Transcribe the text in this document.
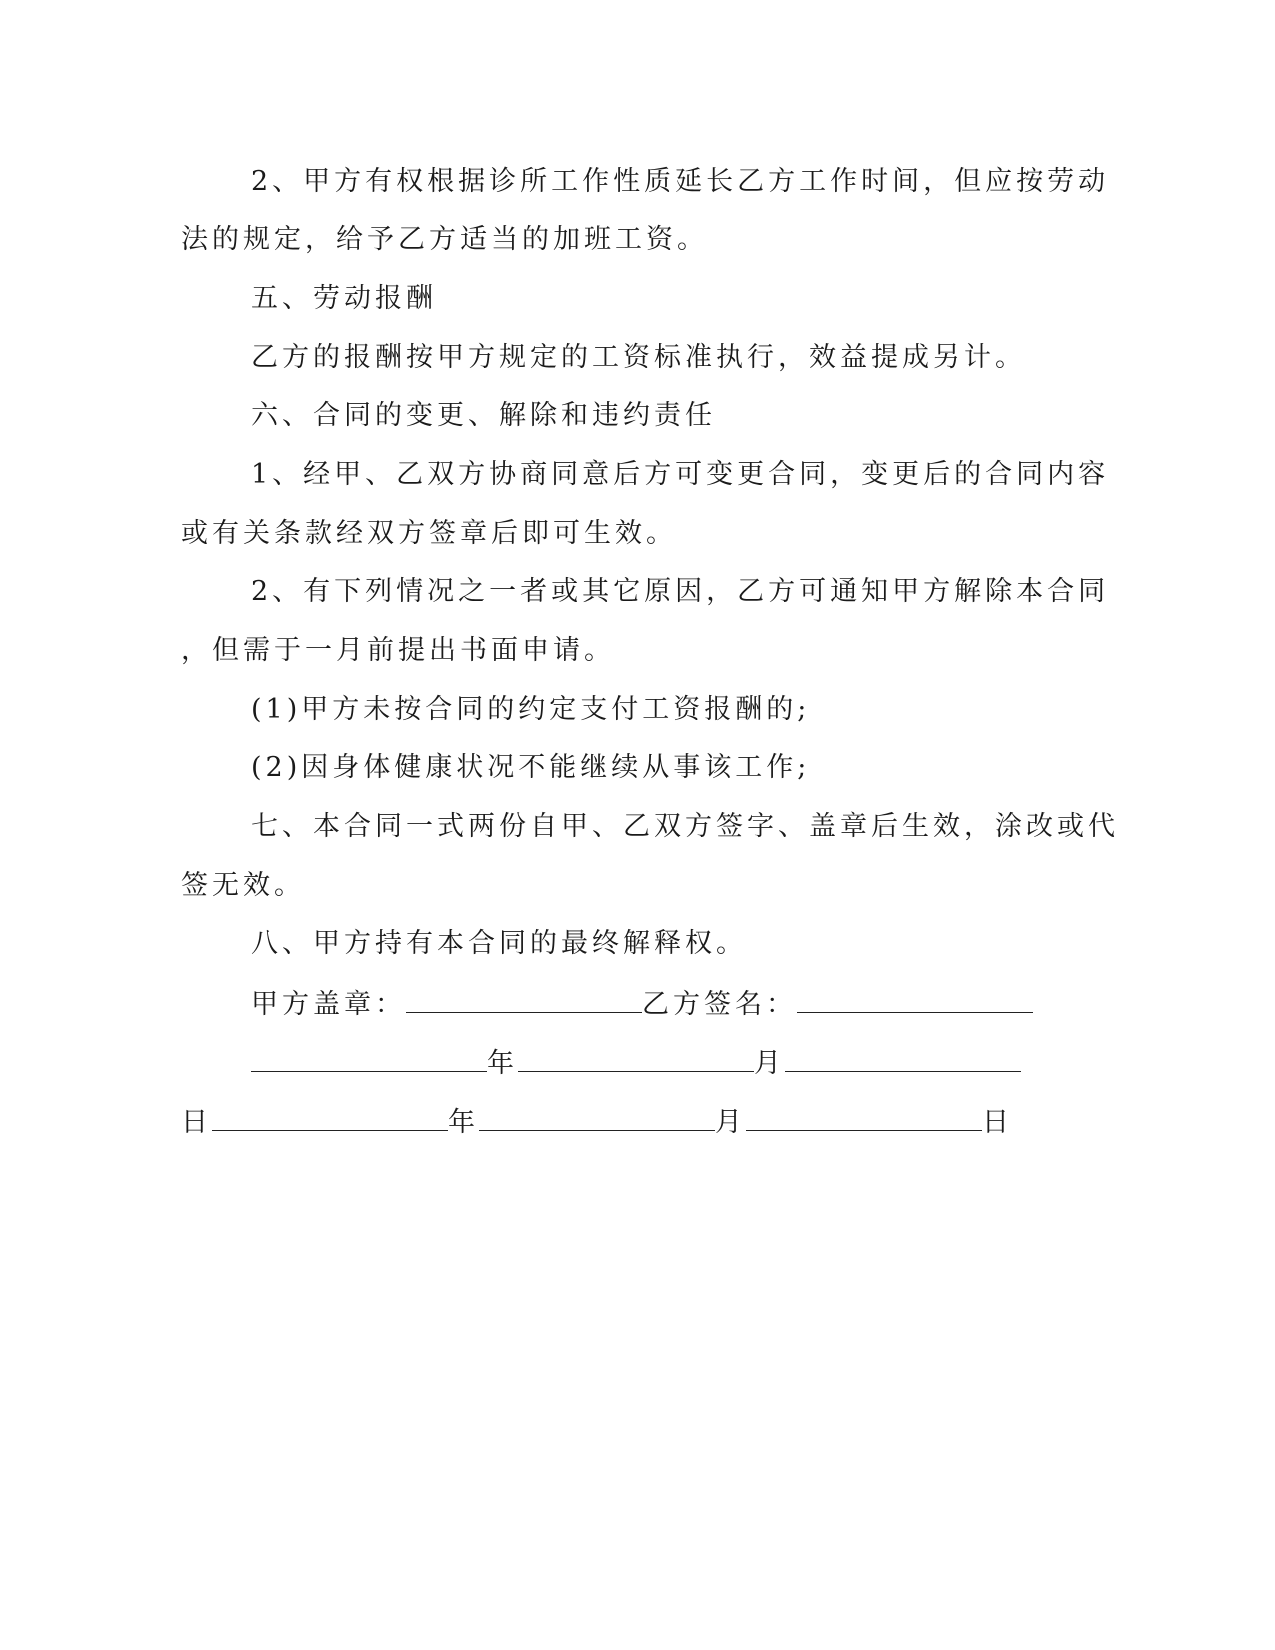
2、甲方有权根据诊所工作性质延长乙方工作时间，但应按劳动
法的规定，给予乙方适当的加班工资。
五、劳动报酬
乙方的报酬按甲方规定的工资标准执行，效益提成另计。
六、合同的变更、解除和违约责任
1、经甲、乙双方协商同意后方可变更合同，变更后的合同内容
或有关条款经双方签章后即可生效。
2、有下列情况之一者或其它原因，乙方可通知甲方解除本合同
，但需于一月前提出书面申请。
(1)甲方未按合同的约定支付工资报酬的;
(2)因身体健康状况不能继续从事该工作;
七、本合同一式两份自甲、乙双方签字、盖章后生效，涂改或代
签无效。
八、甲方持有本合同的最终解释权。
甲方盖章：	乙方签名：
年	月
日	年	月	日
